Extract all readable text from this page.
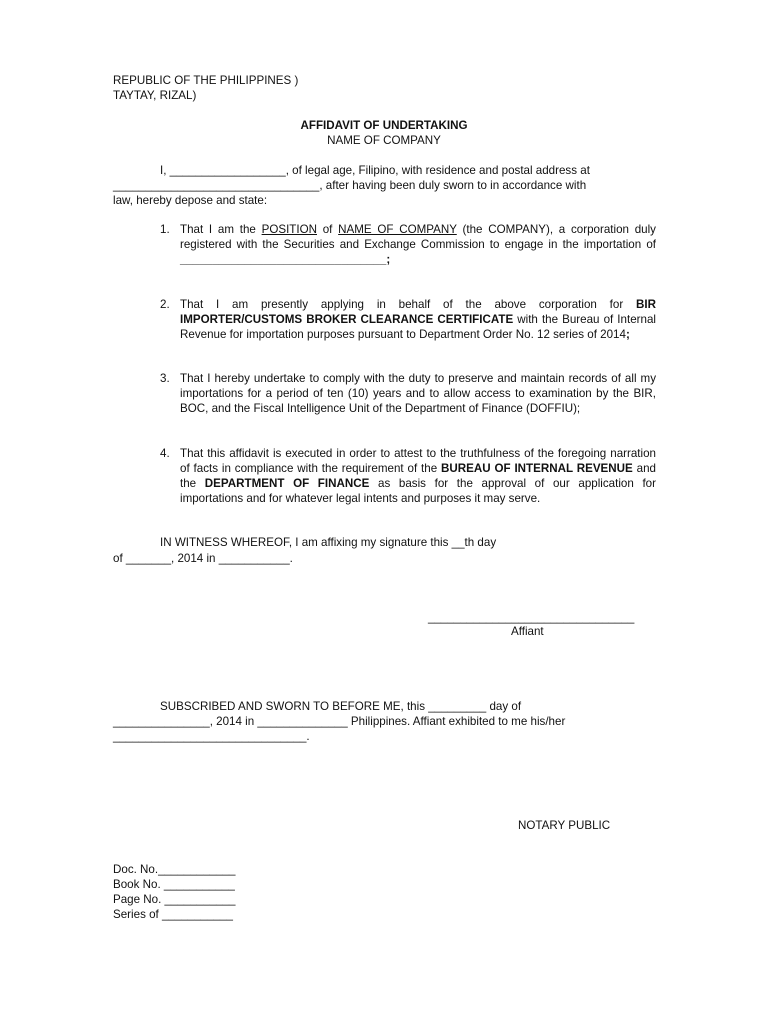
REPUBLIC OF THE PHILIPPINES )
TAYTAY, RIZAL)
AFFIDAVIT OF UNDERTAKING
NAME OF COMPANY
I, __________________, of legal age, Filipino, with residence and postal address at
________________________________, after having been duly sworn to in accordance with
law, hereby depose and state:
1. That I am the POSITION of NAME OF COMPANY (the COMPANY), a corporation duly registered with the Securities and Exchange Commission to engage in the importation of ________________________________;
2. That I am presently applying in behalf of the above corporation for BIR IMPORTER/CUSTOMS BROKER CLEARANCE CERTIFICATE with the Bureau of Internal Revenue for importation purposes pursuant to Department Order No. 12 series of 2014;
3. That I hereby undertake to comply with the duty to preserve and maintain records of all my importations for a period of ten (10) years and to allow access to examination by the BIR, BOC, and the Fiscal Intelligence Unit of the Department of Finance (DOFFIU);
4. That this affidavit is executed in order to attest to the truthfulness of the foregoing narration of facts in compliance with the requirement of the BUREAU OF INTERNAL REVENUE and the DEPARTMENT OF FINANCE as basis for the approval of our application for importations and for whatever legal intents and purposes it may serve.
IN WITNESS WHEREOF, I am affixing my signature this __th day
of _______, 2014 in ___________.
________________________________
Affiant
SUBSCRIBED AND SWORN TO BEFORE ME, this _________ day of
_______________, 2014 in ______________ Philippines. Affiant exhibited to me his/her
______________________________.
NOTARY PUBLIC
Doc. No.____________
Book No. ___________
Page No. ___________
Series of ___________
